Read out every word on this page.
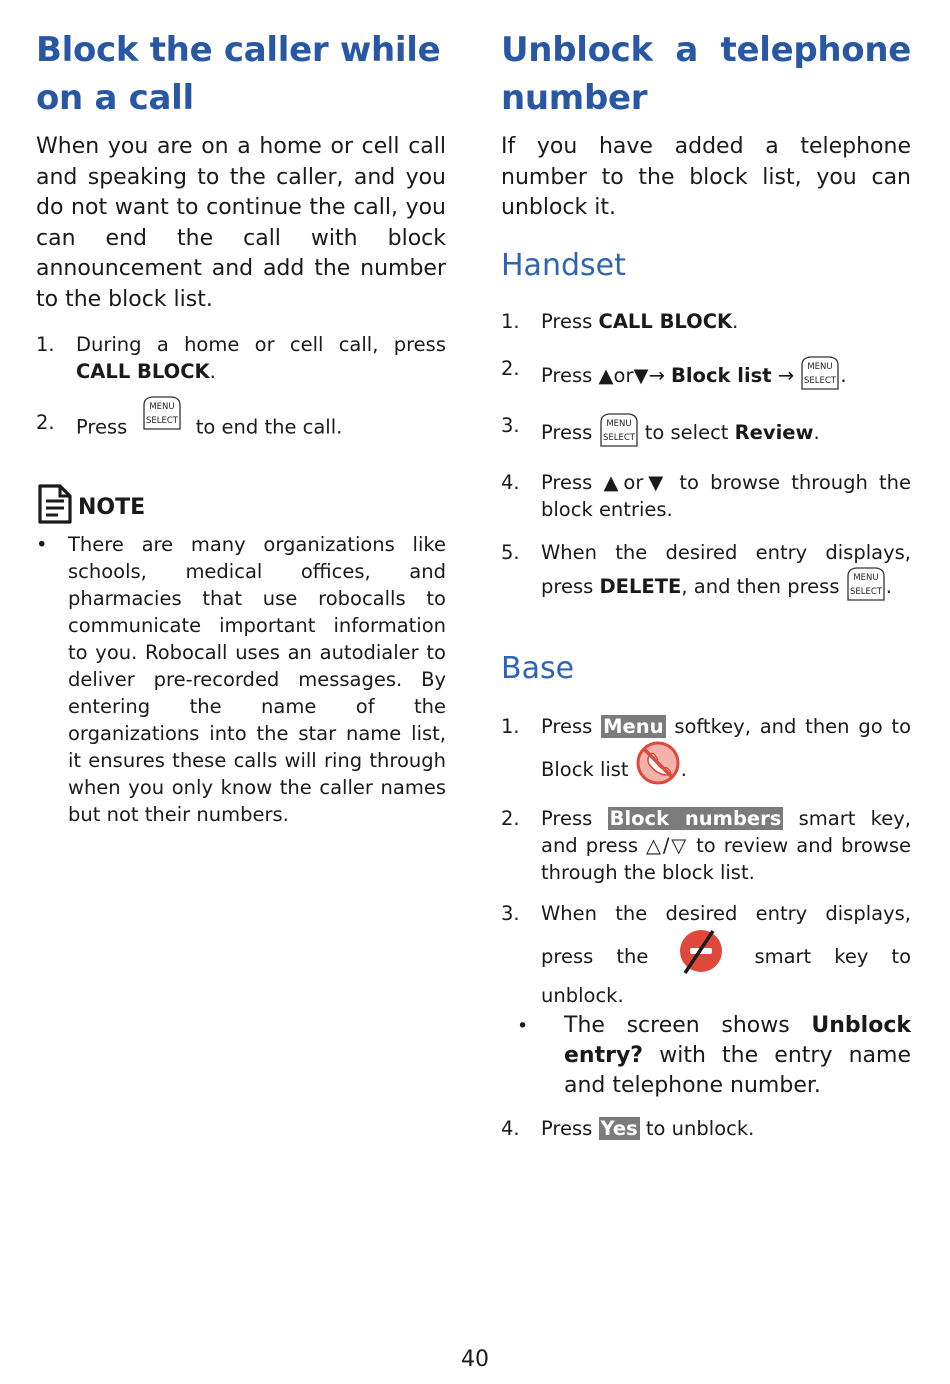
Block the caller while on a call

When you are on a home or cell call and speaking to the caller, and you do not want to continue the call, you can end the call with block announcement and add the number to the block list.

1. During a home or cell call, press CALL BLOCK.
2. Press
MENU
SELECT to end the call.
NOTE
• There are many organizations like schools, medical offices, and pharmacies that use robocalls to communicate important information to you. Robocall uses an autodialer to deliver pre-recorded messages. By entering the name of the organizations into the star name list, it ensures these calls will ring through when you only know the caller names but not their numbers.
Unblock a telephone number

If you have added a telephone number to the block list, you can unblock it.

Handset
1. Press CALL BLOCK.
2. Press ▲or▼→ Block list → MENU
SELECT .
3. Press MENU
SELECT to select Review.
4. Press ▲or▼ to browse through the block entries.
5. When the desired entry displays, press DELETE, and then press MENU
SELECT .
Base
1. Press Menu softkey, and then go to Block list	.
2. Press Block numbers smart key, and press △/▽ to review and browse through the block list.
3. When the desired entry displays, press the	smart key to unblock.
• The screen shows Unblock entry? with the entry name and telephone number.
4. Press Yes to unblock.
40
